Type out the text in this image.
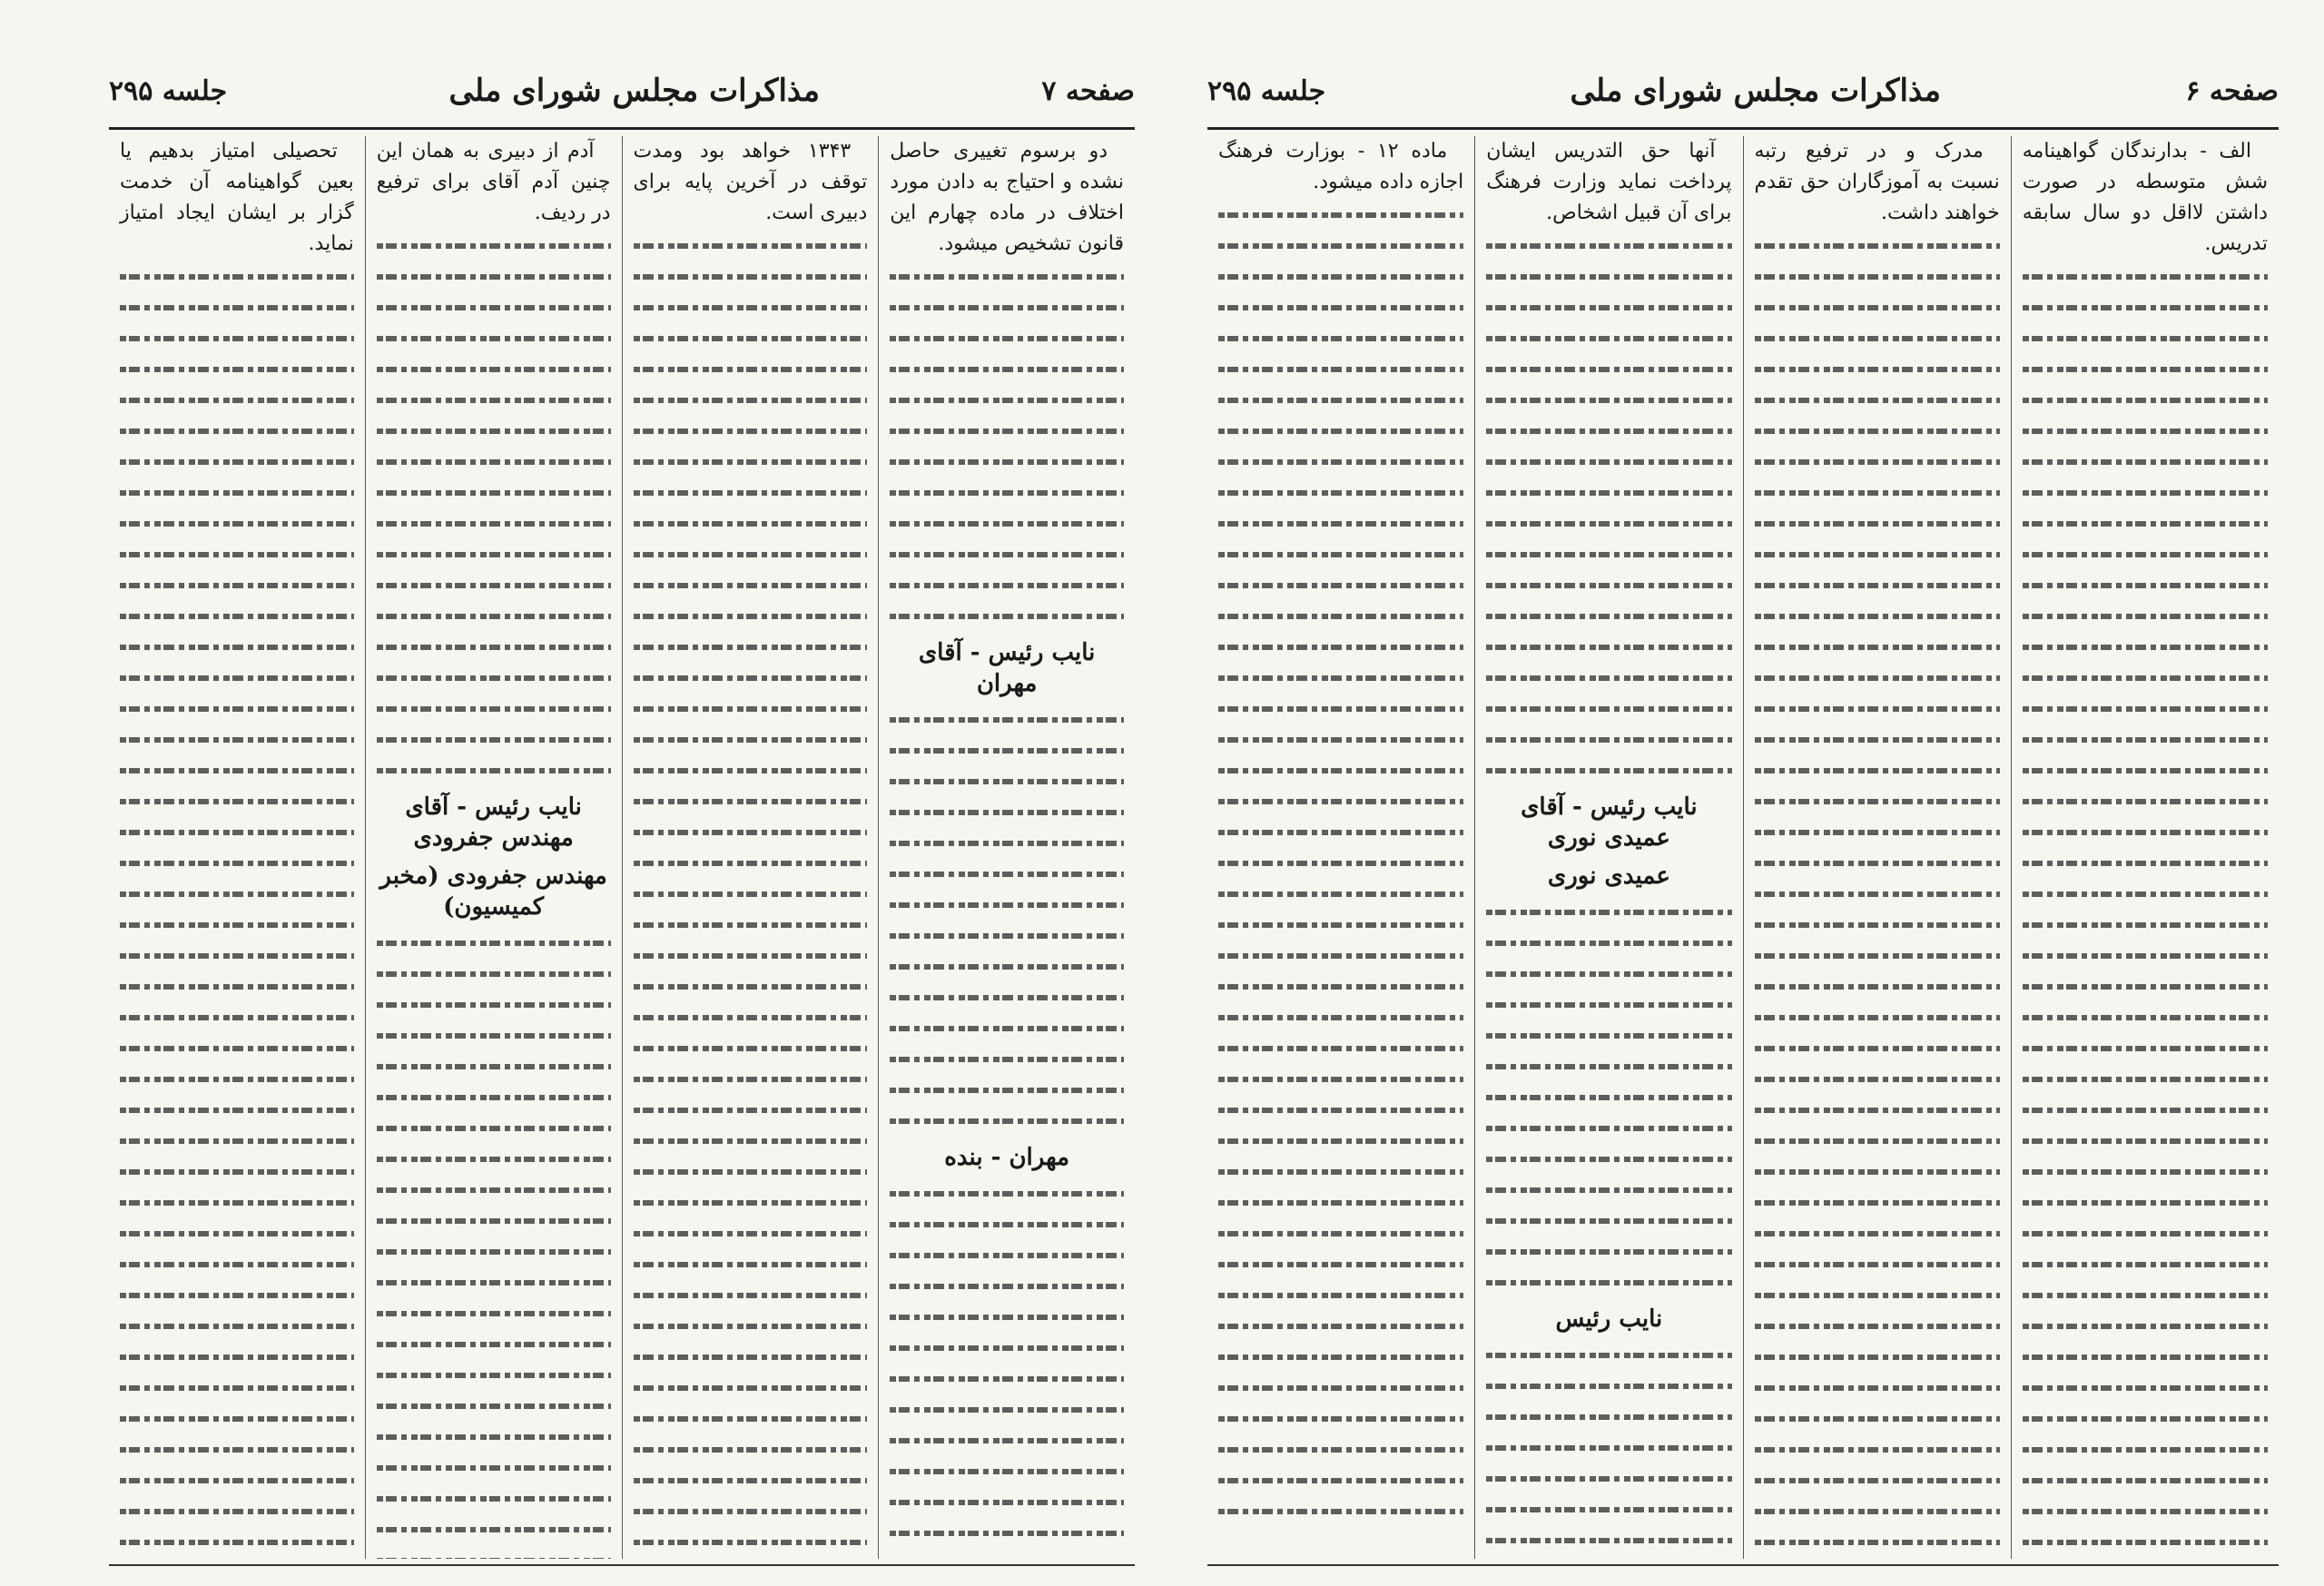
صفحه ۷
مذاکرات مجلس شورای ملی
جلسه ۲۹۵
دو برسوم تغییری حاصل نشده و احتیاج به دادن مورد اختلاف در ماده چهارم این قانون تشخیص میشود.
نایب رئیس - آقای مهران
مهران - بنده
۱۳۴۳ خواهد بود ومدت توقف در آخرین پایه برای دبیری است.
آدم از دبیری به همان این چنین آدم آقای برای ترفیع در ردیف.
نایب رئیس - آقای مهندس جفرودی
مهندس جفرودی (مخبر کمیسیون)
تحصیلی امتیاز بدهیم یا بعین گواهینامه آن خدمت گزار بر ایشان ایجاد امتیاز نماید.
صفحه ۶
مذاکرات مجلس شورای ملی
جلسه ۲۹۵
الف - بدارندگان گواهینامه شش متوسطه در صورت داشتن لااقل دو سال سابقه تدریس.
مدرک و در ترفیع رتبه نسبت به آموزگاران حق تقدم خواهند داشت.
آنها حق التدریس ایشان پرداخت نماید وزارت فرهنگ برای آن قبیل اشخاص.
نایب رئیس - آقای عمیدی نوری
عمیدی نوری
نایب رئیس
ماده ۱۲ - بوزارت فرهنگ اجازه داده میشود.
